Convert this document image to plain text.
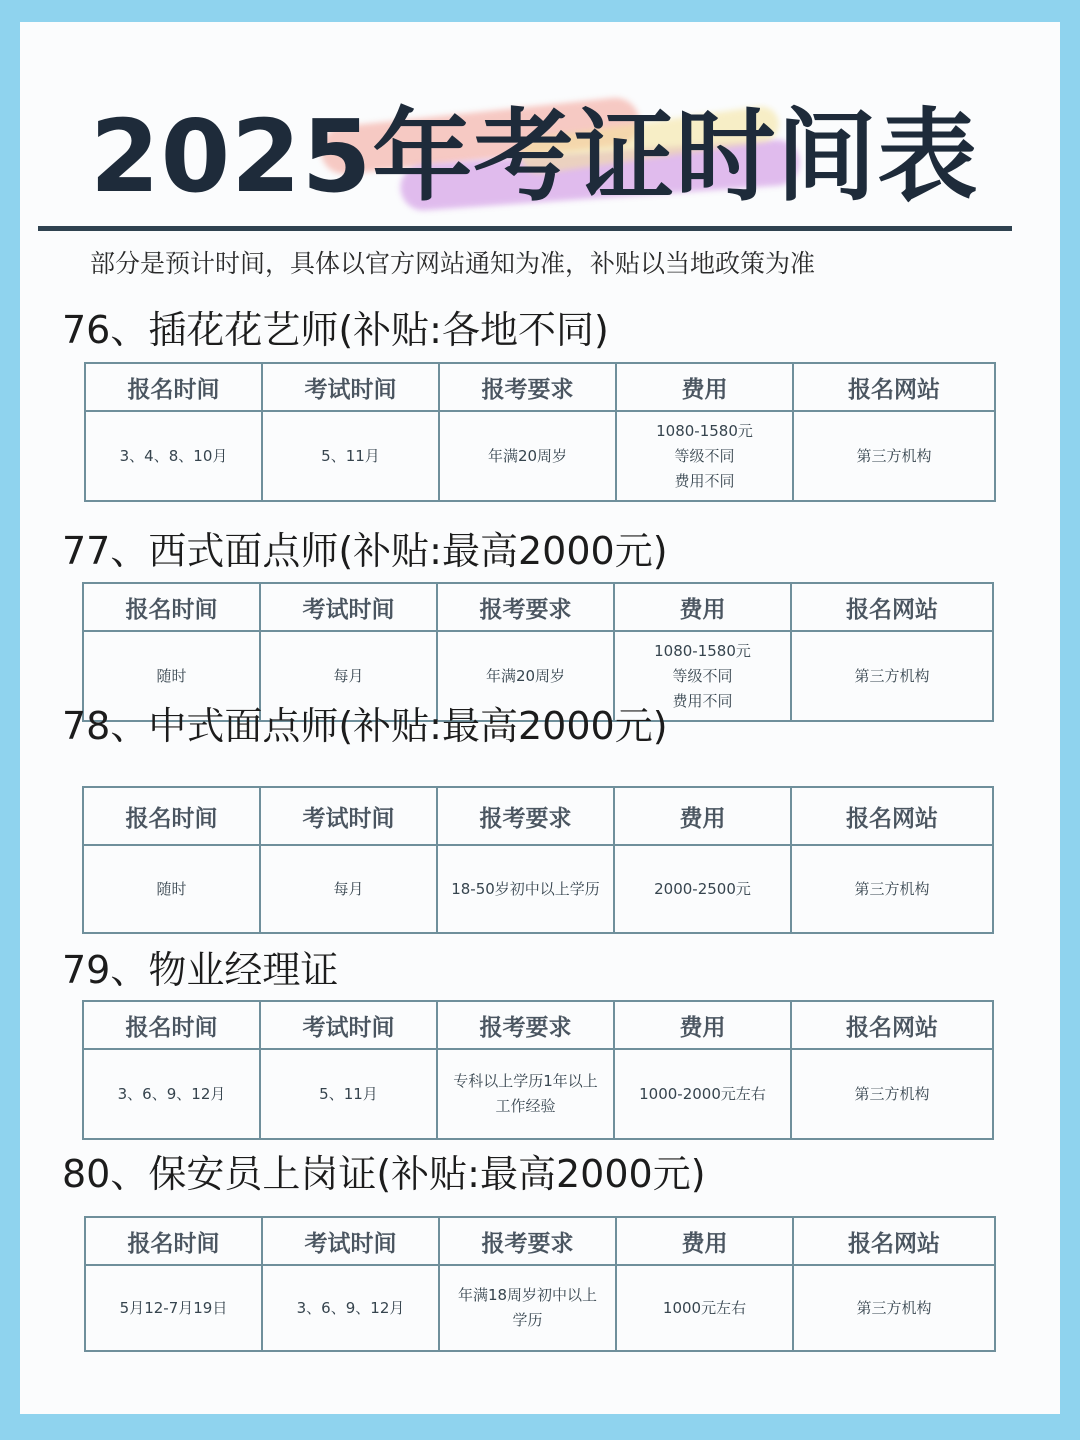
2025年考证时间表
部分是预计时间，具体以官方网站通知为准，补贴以当地政策为准
76、插花花艺师(补贴:各地不同)
报名时间	考试时间	报考要求	费用	报名网站
3、4、8、10月	5、11月	年满20周岁	1080-1580元
等级不同
费用不同	第三方机构
77、西式面点师(补贴:最高2000元)
报名时间	考试时间	报考要求	费用	报名网站
随时	每月	年满20周岁	1080-1580元
等级不同
费用不同	第三方机构
78、中式面点师(补贴:最高2000元)
报名时间	考试时间	报考要求	费用	报名网站
随时	每月	18-50岁初中以上学历	2000-2500元	第三方机构
79、物业经理证
报名时间	考试时间	报考要求	费用	报名网站
3、6、9、12月	5、11月	专科以上学历1年以上
工作经验	1000-2000元左右	第三方机构
80、保安员上岗证(补贴:最高2000元)
报名时间	考试时间	报考要求	费用	报名网站
5月12-7月19日	3、6、9、12月	年满18周岁初中以上
学历	1000元左右	第三方机构
